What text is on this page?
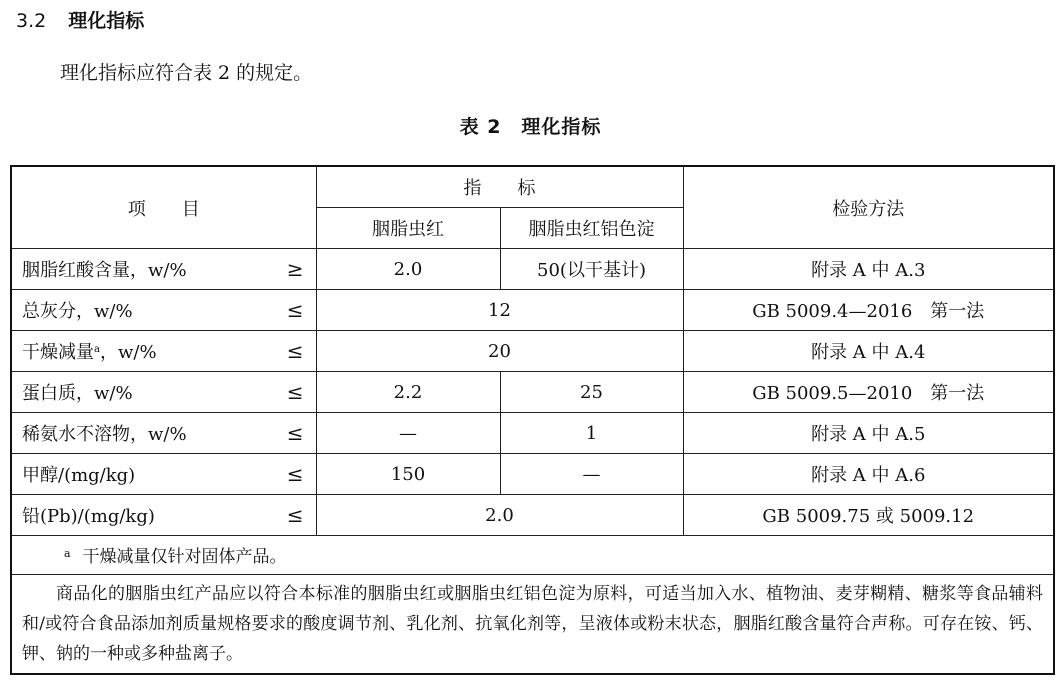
3.2 理化指标
理化指标应符合表 2 的规定。
表 2　理化指标
项　　目	指　　标		检验方法
	胭脂虫红	胭脂虫红铝色淀	

胭脂红酸含量，w/% ≥	2.0	50(以干基计)	附录 A 中 A.3

总灰分，w/% ≤	12		GB 5009.4—2016　第一法

干燥减量$^a$，w/% ≤	20		附录 A 中 A.4

蛋白质，w/% ≤	2.2	25	GB 5009.5—2010　第一法

稀氨水不溶物，w/% ≤	—	1	附录 A 中 A.5

甲醇/(mg/kg) ≤	150	—	附录 A 中 A.6

铅(Pb)/(mg/kg) ≤	2.0		GB 5009.75 或 5009.12
$^a$ 干燥减量仅针对固体产品。			

商品化的胭脂虫红产品应以符合本标准的胭脂虫红或胭脂虫红铝色淀为原料，可适当加入水、植物油、麦芽糊精、糖浆等食品辅料和/或符合食品添加剂质量规格要求的酸度调节剂、乳化剂、抗氧化剂等，呈液体或粉末状态，胭脂红酸含量符合声称。可存在铵、钙、钾、钠的一种或多种盐离子。			
